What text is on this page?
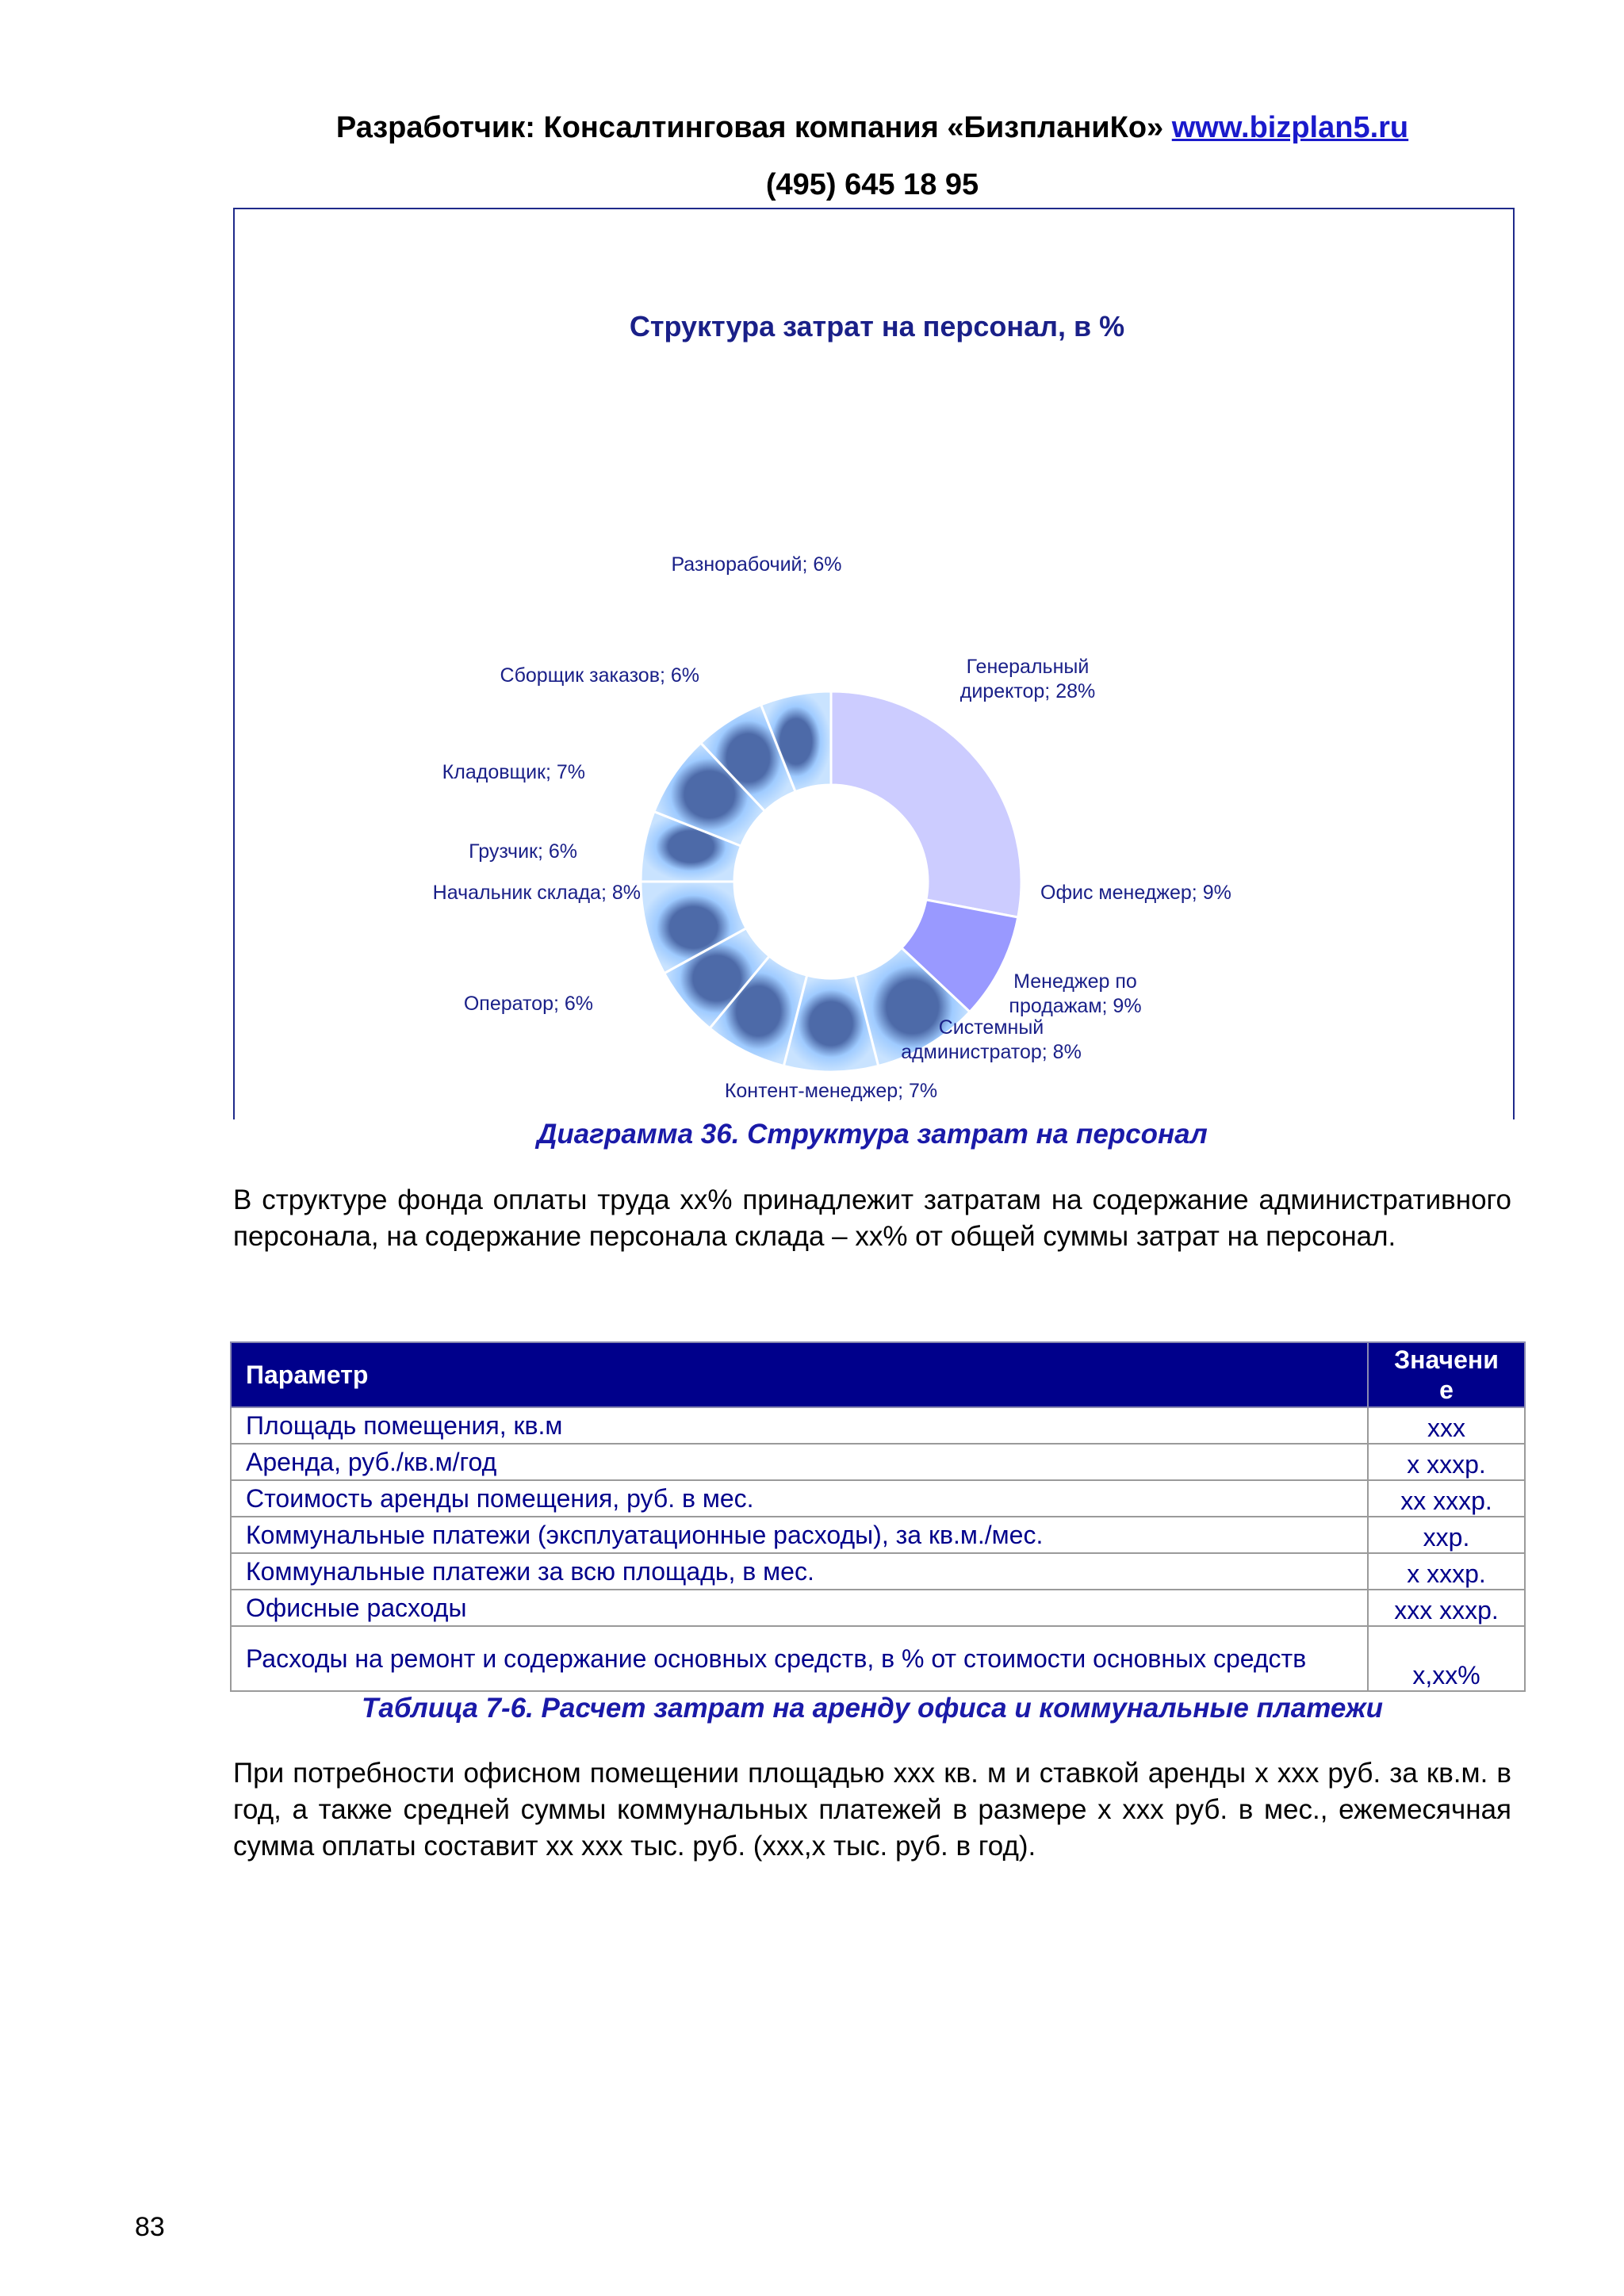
Разработчик: Консалтинговая компания «БизпланиКо» www.bizplan5.ru
(495) 645 18 95
Структура затрат на персонал, в %
Генеральный директор; 28%
Офис менеджер; 9%
Менеджер по продажам; 9%
Системный администратор; 8%
Контент-менеджер; 7%
Оператор; 6%
Начальник склада; 8%
Грузчик; 6%
Кладовщик; 7%
Сборщик заказов; 6%
Разнорабочий; 6%
Диаграмма 36. Структура затрат на персонал
В структуре фонда оплаты труда хх% принадлежит затратам на содержание административного персонала, на содержание персонала склада – хх% от общей суммы затрат на персонал.
Параметр	Значени
е
Площадь помещения, кв.м	ххх
Аренда, руб./кв.м/год	х хххр.
Стоимость аренды помещения, руб. в мес.	хх хххр.
Коммунальные платежи (эксплуатационные расходы), за кв.м./мес.	ххр.
Коммунальные платежи за всю площадь, в мес.	х хххр.
Офисные расходы	ххх хххр.
Расходы на ремонт и содержание основных средств, в % от стоимости основных средств	х,хх%
Таблица 7-6. Расчет затрат на аренду офиса и коммунальные платежи
При потребности офисном помещении площадью ххх кв. м и ставкой аренды х ххх руб. за кв.м. в год, а также средней суммы коммунальных платежей в размере х ххх руб. в мес., ежемесячная сумма оплаты составит хх ххх тыс. руб. (ххх,х тыс. руб. в год).
83
